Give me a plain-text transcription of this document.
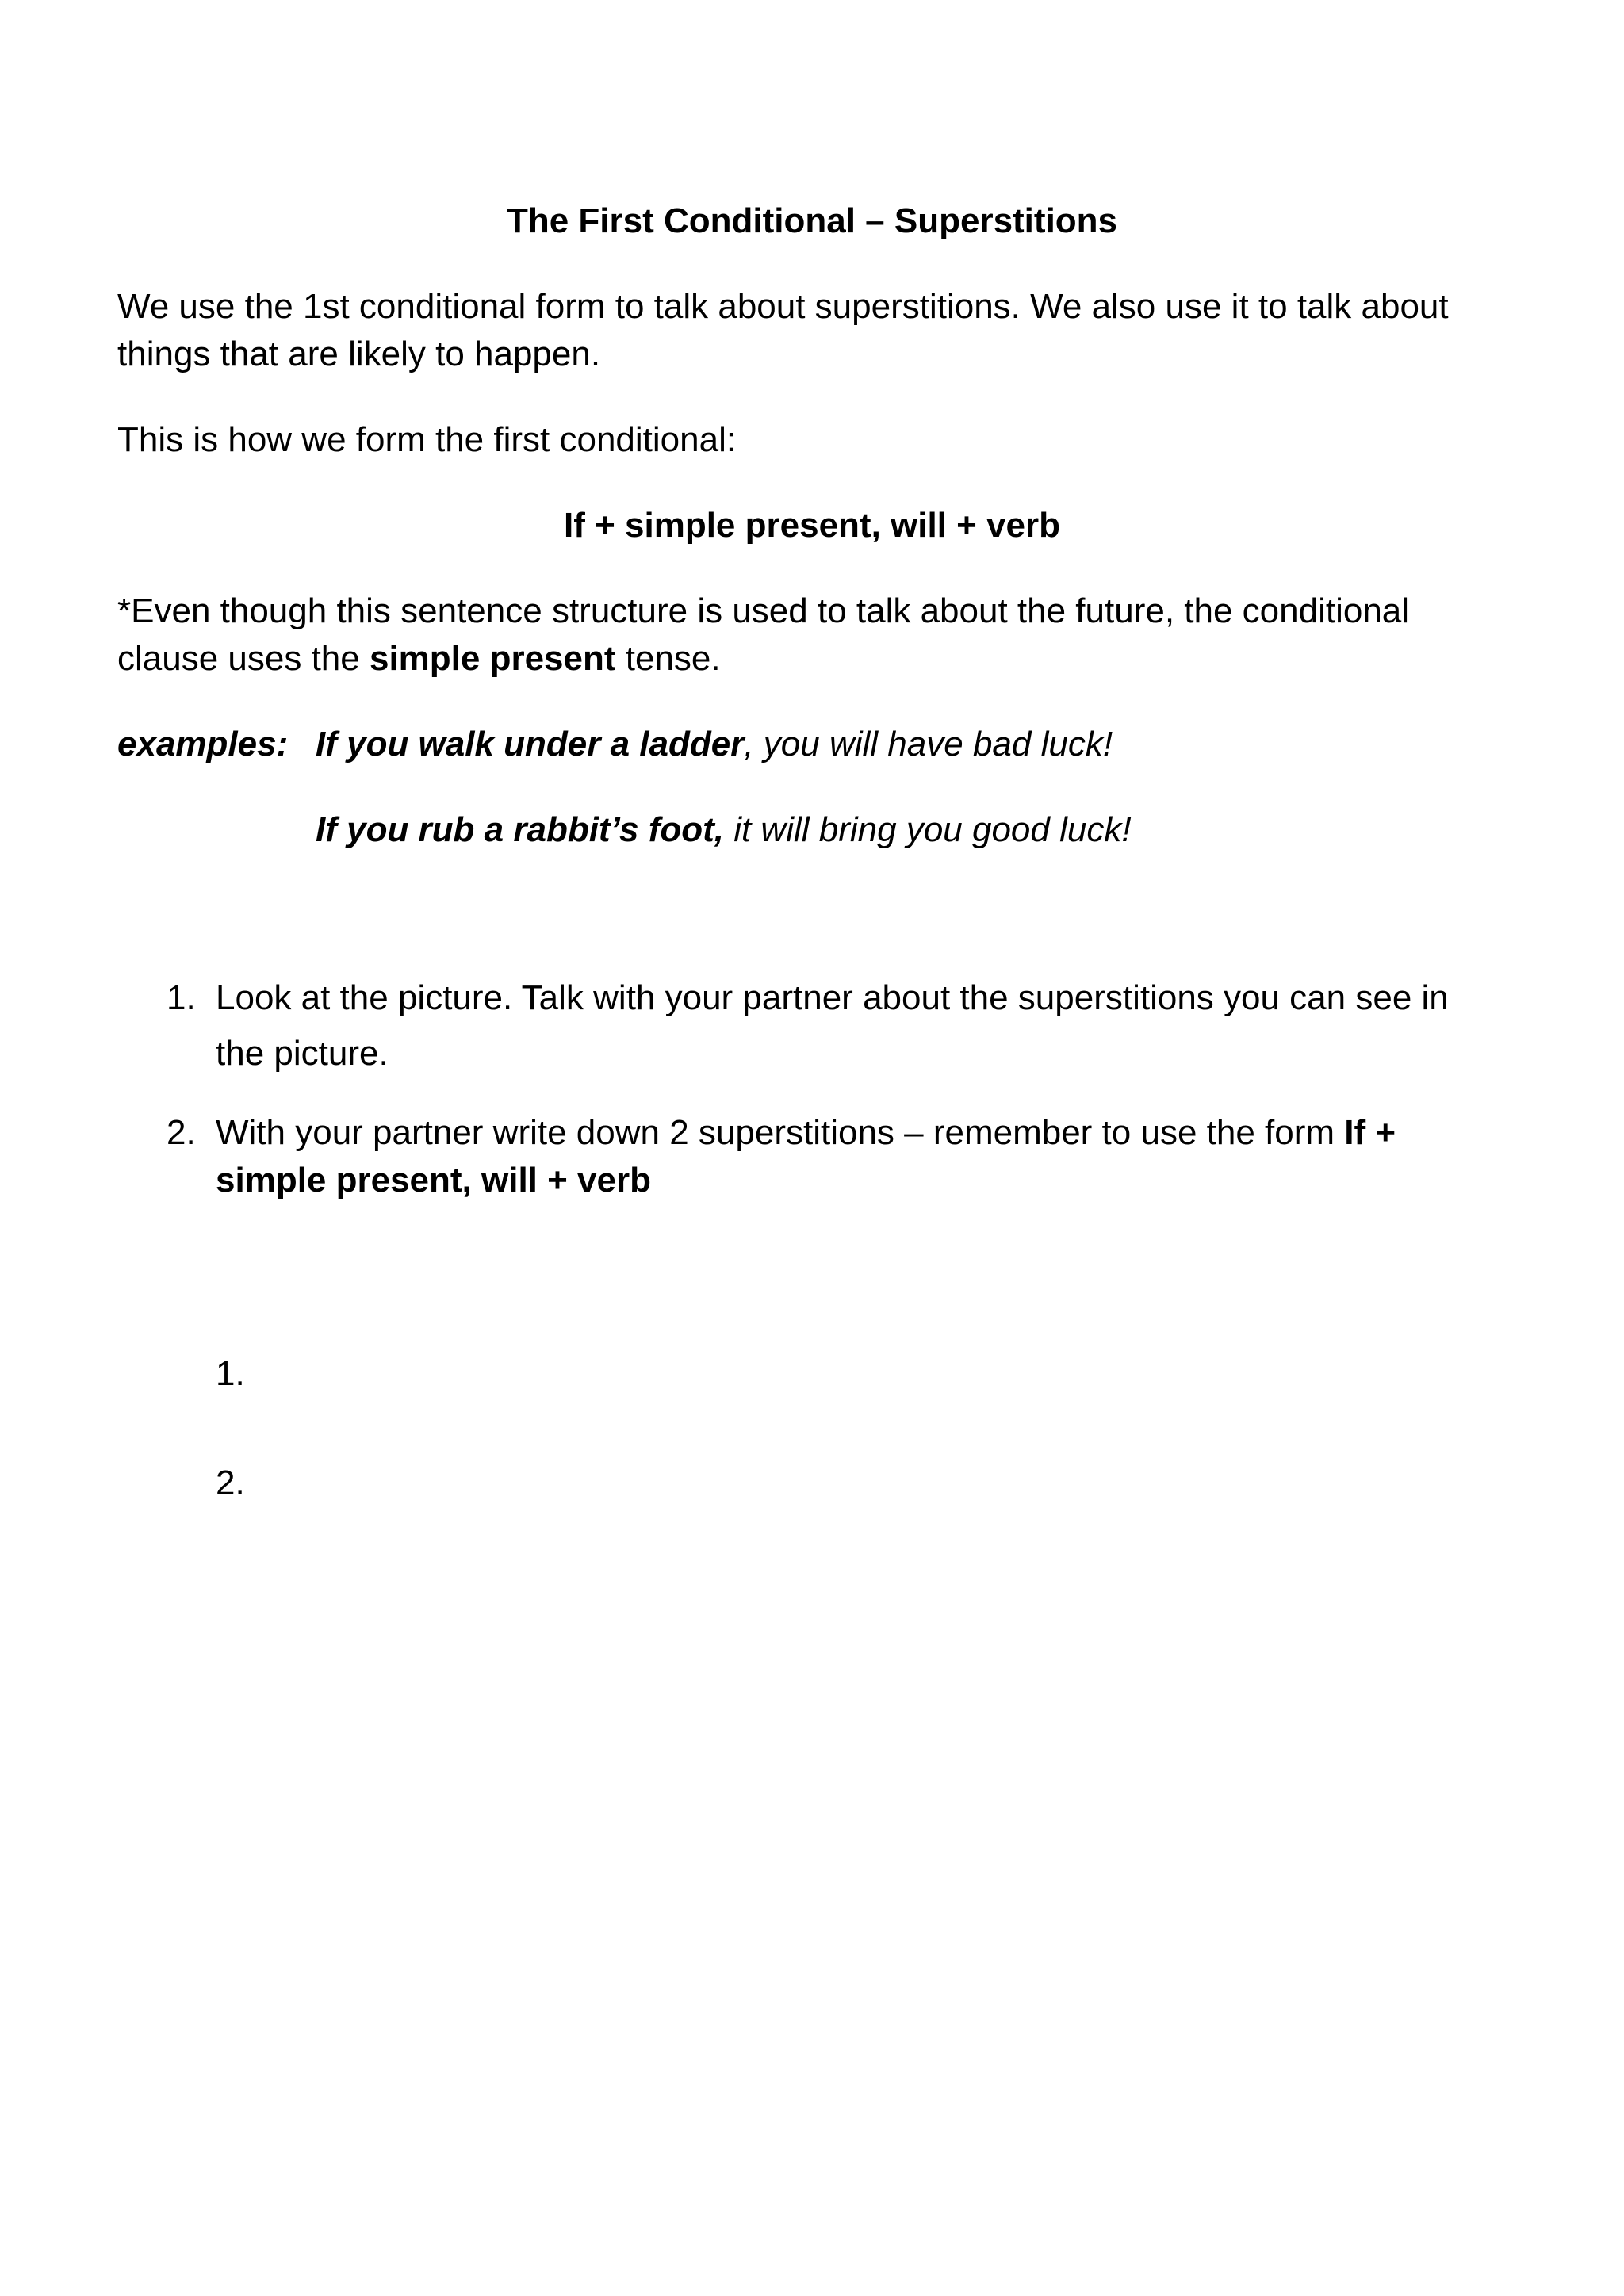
The First Conditional – Superstitions
We use the 1st conditional form to talk about superstitions. We also use it to talk about
things that are likely to happen.
This is how we form the first conditional:
If + simple present, will + verb
*Even though this sentence structure is used to talk about the future, the conditional
clause uses the simple present tense.
examples: If you walk under a ladder, you will have bad luck!
If you rub a rabbit’s foot, it will bring you good luck!
1. Look at the picture. Talk with your partner about the superstitions you can see in
the picture.
2. With your partner write down 2 superstitions – remember to use the form If +
simple present, will + verb
1.
2.
